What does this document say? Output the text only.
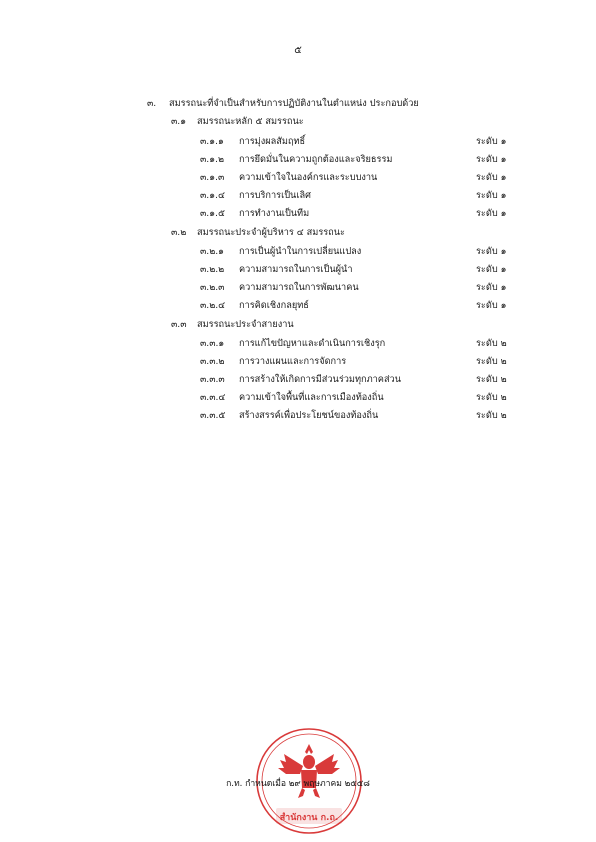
๕
๓. สมรรถนะที่จำเป็นสำหรับการปฏิบัติงานในตำแหน่ง ประกอบด้วย
๓.๑ สมรรถนะหลัก ๕ สมรรถนะ
๓.๑.๑ การมุ่งผลสัมฤทธิ์	ระดับ ๑
๓.๑.๒ การยึดมั่นในความถูกต้องและจริยธรรม	ระดับ ๑
๓.๑.๓ ความเข้าใจในองค์กรและระบบงาน	ระดับ ๑
๓.๑.๔ การบริการเป็นเลิศ	ระดับ ๑
๓.๑.๕ การทำงานเป็นทีม	ระดับ ๑
๓.๒ สมรรถนะประจำผู้บริหาร ๔ สมรรถนะ
๓.๒.๑ การเป็นผู้นำในการเปลี่ยนแปลง	ระดับ ๑
๓.๒.๒ ความสามารถในการเป็นผู้นำ	ระดับ ๑
๓.๒.๓ ความสามารถในการพัฒนาคน	ระดับ ๑
๓.๒.๔ การคิดเชิงกลยุทธ์	ระดับ ๑
๓.๓ สมรรถนะประจำสายงาน
๓.๓.๑ การแก้ไขปัญหาและดำเนินการเชิงรุก	ระดับ ๒
๓.๓.๒ การวางแผนและการจัดการ	ระดับ ๒
๓.๓.๓ การสร้างให้เกิดการมีส่วนร่วมทุกภาคส่วน	ระดับ ๒
๓.๓.๔ ความเข้าใจพื้นที่และการเมืองท้องถิ่น	ระดับ ๒
๓.๓.๕ สร้างสรรค์เพื่อประโยชน์ของท้องถิ่น	ระดับ ๒
สำนักงาน ก.ถ.
ก.ท. กำหนดเมื่อ ๒๙ พฤษภาคม ๒๕๕๘
